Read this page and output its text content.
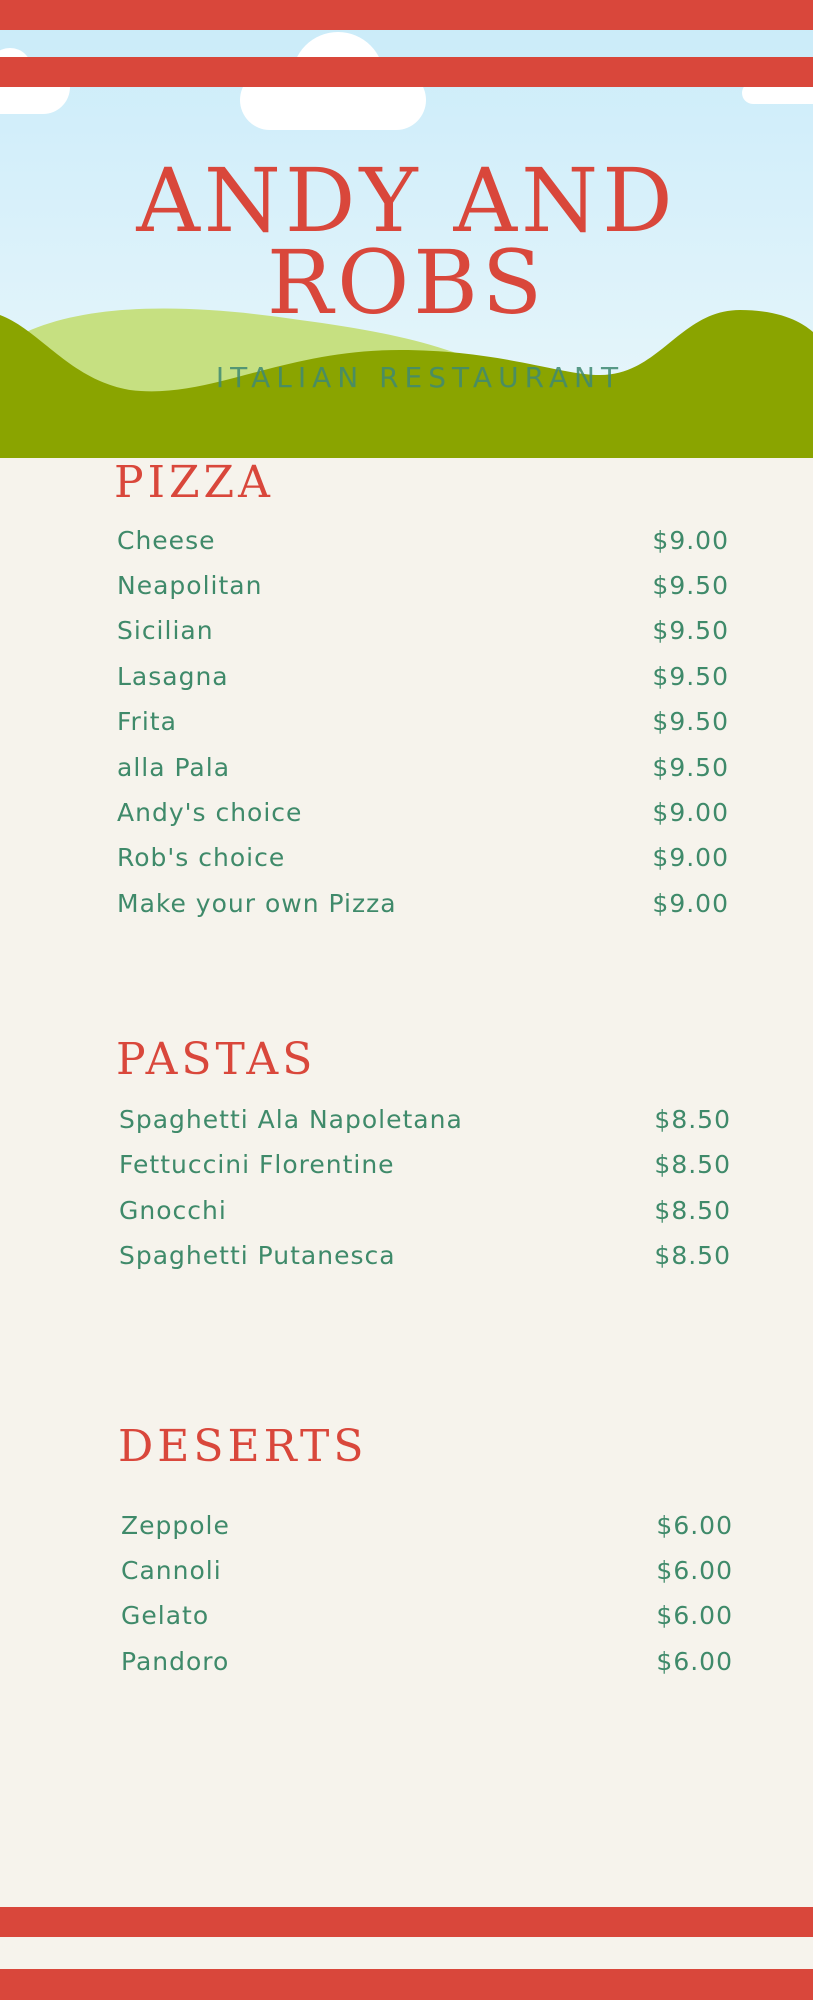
ANDY AND
ROBS

ITALIAN RESTAURANT

PIZZA
Cheese	$9.00
Neapolitan	$9.50
Sicilian	$9.50
Lasagna	$9.50
Frita	$9.50
alla Pala	$9.50
Andy's choice	$9.00
Rob's choice	$9.00
Make your own Pizza	$9.00
PASTAS
Spaghetti Ala Napoletana	$8.50
Fettuccini Florentine	$8.50
Gnocchi	$8.50
Spaghetti Putanesca	$8.50
DESERTS
Zeppole	$6.00
Cannoli	$6.00
Gelato	$6.00
Pandoro	$6.00
